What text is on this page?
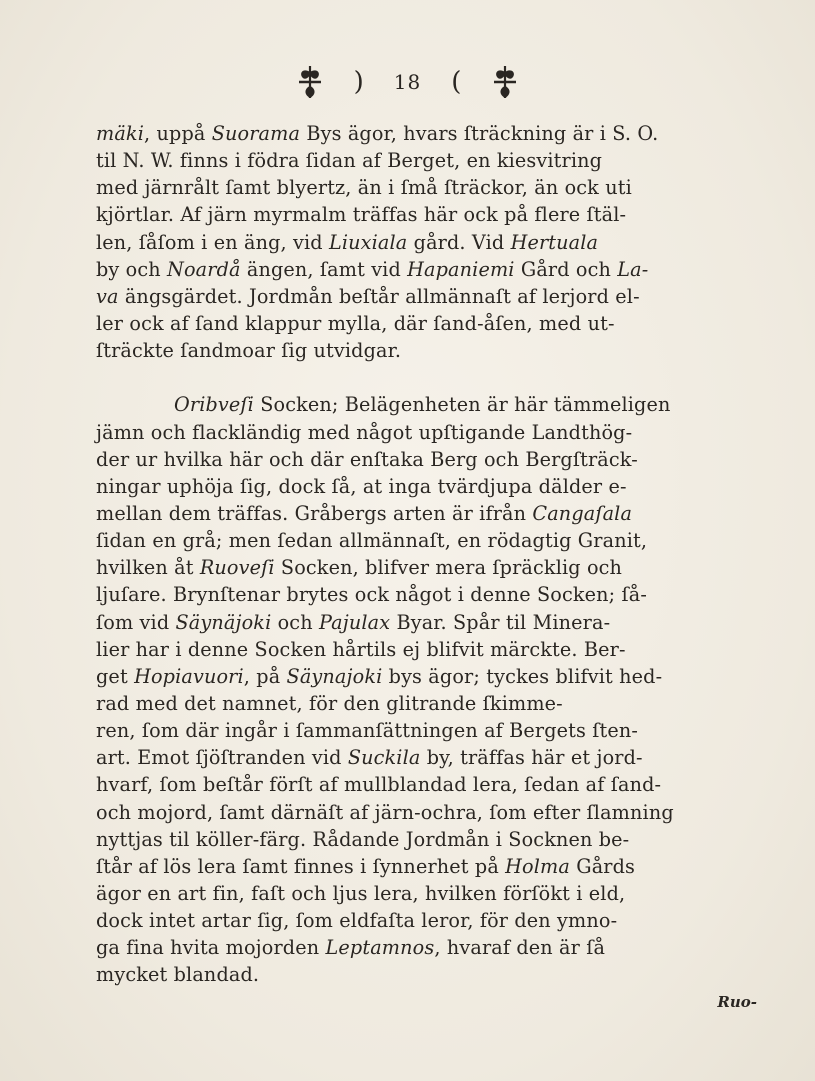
) 18 (
mäki, uppå Suorama Bys ägor, hvars ſträckning är i S. O.
til N. W. finns i födra ſidan af Berget, en kiesvitring
med järnrålt ſamt blyertz, än i ſmå ſträckor, än ock uti
kjörtlar. Af järn myrmalm träffas här ock på flere ſtäl-
len, ſåſom i en äng, vid Liuxiala gård. Vid Hertuala
by och Noardå ängen, ſamt vid Hapaniemi Gård och La-
va ängsgärdet. Jordmån beſtår allmännaſt af lerjord el-
ler ock af ſand klappur mylla, där ſand-åſen, med ut-
ſträckte ſandmoar ſig utvidgar.
Oribveſi Socken; Belägenheten är här tämmeligen
jämn och flackländig med något upſtigande Landthög-
der ur hvilka här och där enſtaka Berg och Bergſträck-
ningar uphöja ſig, dock ſå, at inga tvärdjupa dälder e-
mellan dem träffas. Gråbergs arten är ifrån Cangaſala
ſidan en grå; men ſedan allmännaſt, en rödagtig Granit,
hvilken åt Ruoveſi Socken, blifver mera ſpräcklig och
ljuſare. Brynſtenar brytes ock något i denne Socken; ſå-
ſom vid Säynäjoki och Pajulax Byar. Spår til Minera-
lier har i denne Socken hårtils ej blifvit märckte. Ber-
get Hopiavuori, på Säynajoki bys ägor; tyckes blifvit hed-
rad med det namnet, för den glitrande ſkimme-
ren, ſom där ingår i ſammanſättningen af Bergets ſten-
art. Emot ſjöſtranden vid Suckila by, träffas här et jord-
hvarf, ſom beſtår förſt af mullblandad lera, ſedan af ſand-
och mojord, ſamt därnäſt af järn-ochra, ſom efter ſlamning
nyttjas til köller-färg. Rådande Jordmån i Socknen be-
ſtår af lös lera ſamt finnes i ſynnerhet på Holma Gårds
ägor en art fin, faſt och ljus lera, hvilken förſökt i eld,
dock intet artar ſig, ſom eldfaſta leror, för den ymno-
ga fina hvita mojorden Leptamnos, hvaraf den är ſå
mycket blandad.
Ruo-
